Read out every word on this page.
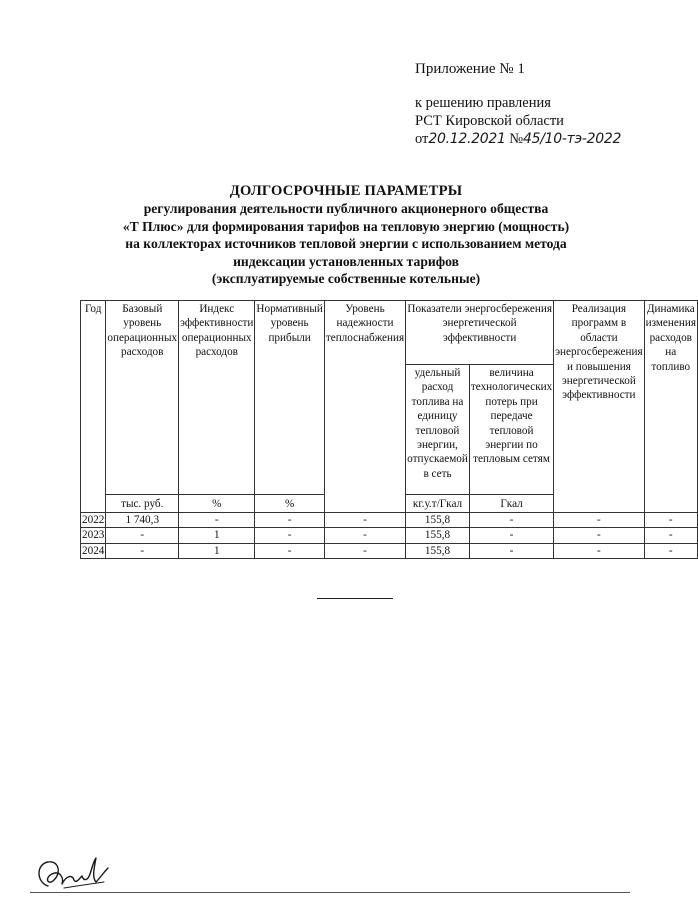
Приложение № 1
к решению правления
РСТ Кировской области
от20.12.2021 №45/10-тэ-2022
ДОЛГОСРОЧНЫЕ ПАРАМЕТРЫ
регулирования деятельности публичного акционерного общества
«Т Плюс» для формирования тарифов на тепловую энергию (мощность)
на коллекторах источников тепловой энергии с использованием метода
индексации установленных тарифов
(эксплуатируемые собственные котельные)
Год	Базовый уровень операционных расходов	Индекс эффективности операционных расходов	Нормативный уровень прибыли	Уровень надежности теплоснабжения	Показатели энергосбережения энергетической эффективности		Реализация программ в области энергосбережения и повышения энергетической эффективности	Динамика изменения расходов на топливо
					удельный расход топлива на единицу тепловой энергии, отпускаемой в сеть	величина технологических потерь при передаче тепловой энергии по тепловым сетям		
	тыс. руб.	%	%		кг.у.т/Гкал	Гкал		
2022	1 740,3	-	-	-	155,8	-	-	-
2023	-	1	-	-	155,8	-	-	-
2024	-	1	-	-	155,8	-	-	-
